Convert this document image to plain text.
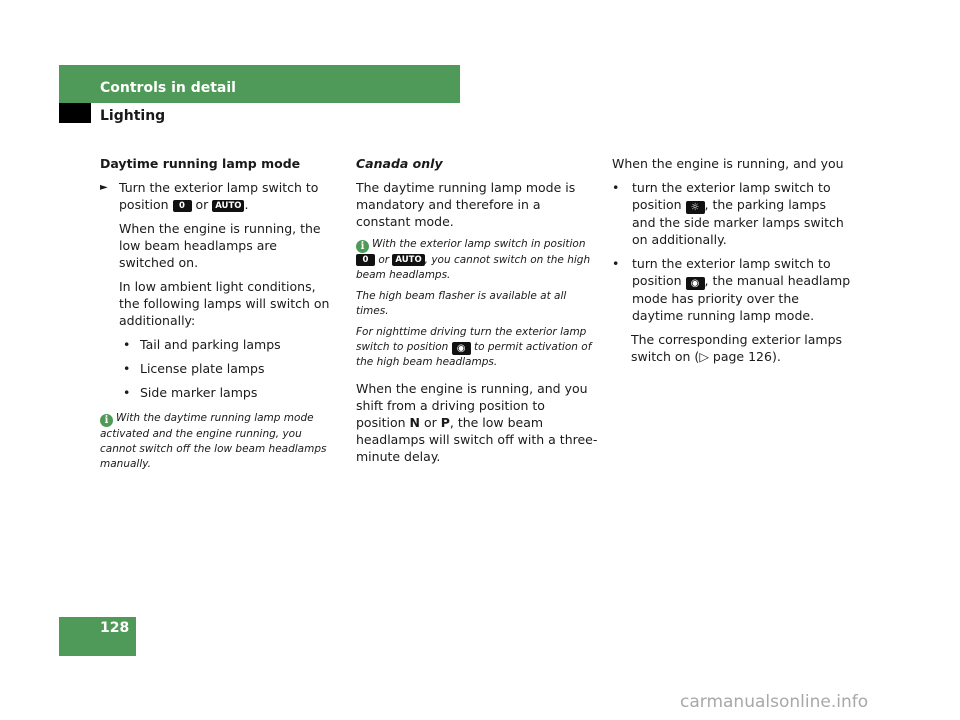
Controls in detail
Lighting

Daytime running lamp mode

► Turn the exterior lamp switch to position 0 or AUTO .

When the engine is running, the low beam headlamps are switched on.

In low ambient light conditions, the following lamps will switch on additionally:

• Tail and parking lamps
• License plate lamps
• Side marker lamps
i With the daytime running lamp mode activated and the engine running, you cannot switch off the low beam headlamps manually.

Canada only

The daytime running lamp mode is mandatory and therefore in a constant mode.

i With the exterior lamp switch in position 0 or AUTO , you cannot switch on the high beam headlamps.
The high beam flasher is available at all times.
For nighttime driving turn the exterior lamp switch to position ◉ to permit activation of the high beam headlamps.

When the engine is running, and you shift from a driving position to position N or P, the low beam headlamps will switch off with a three-minute delay.

When the engine is running, and you

• turn the exterior lamp switch to position ☼ , the parking lamps and the side marker lamps switch on additionally.
• turn the exterior lamp switch to position ◉ , the manual headlamp mode has priority over the daytime running lamp mode.

The corresponding exterior lamps switch on (▷ page 126).

128
carmanualsonline.info
